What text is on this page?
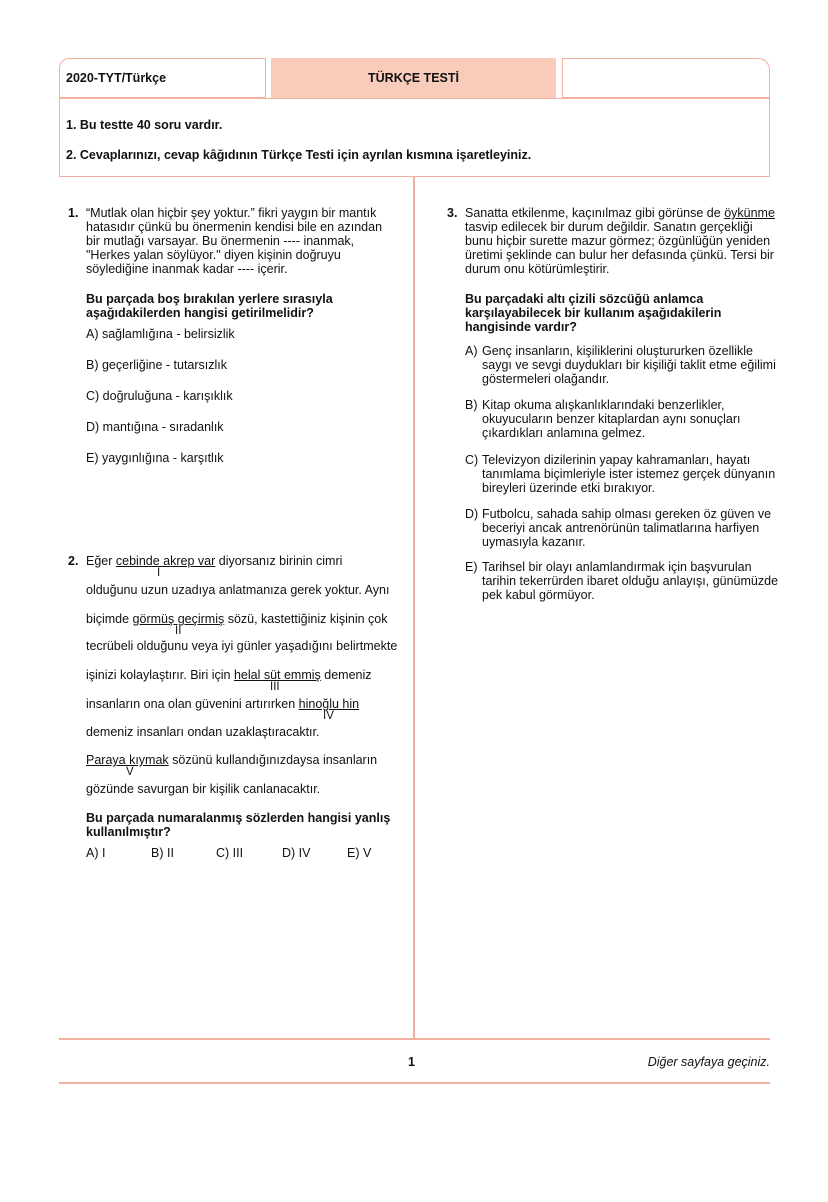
2020-TYT/Türkçe	TÜRKÇE TESTİ

1. Bu testte 40 soru vardır.

2. Cevaplarınızı, cevap kâğıdının Türkçe Testi için ayrılan kısmına işaretleyiniz.

1. “Mutlak olan hiçbir şey yoktur.” fikri yaygın bir mantık hatasıdır çünkü bu önermenin kendisi bile en azından bir mutlağı varsayar. Bu önermenin ---- inanmak, "Herkes yalan söylüyor." diyen kişinin doğruyu söylediğine inanmak kadar ---- içerir.

Bu parçada boş bırakılan yerlere sırasıyla aşağıdakilerden hangisi getirilmelidir?

A) sağlamlığına - belirsizlik

B) geçerliğine - tutarsızlık

C) doğruluğuna - karışıklık

D) mantığına - sıradanlık

E) yaygınlığına - karşıtlık

2. Eğer cebinde akrep var diyorsanız birinin cimri
I
olduğunu uzun uzadıya anlatmanıza gerek yoktur. Aynı
biçimde görmüş geçirmiş sözü, kastettiğiniz kişinin çok
II
tecrübeli olduğunu veya iyi günler yaşadığını belirtmekte
işinizi kolaylaştırır. Biri için helal süt emmiş demeniz
III
insanların ona olan güvenini artırırken hinoğlu hin
IV
demeniz insanları ondan uzaklaştıracaktır.
Paraya kıymak sözünü kullandığınızdaysa insanların
V
gözünde savurgan bir kişilik canlanacaktır.

Bu parçada numaralanmış sözlerden hangisi yanlış kullanılmıştır?

A) I	B) II	C) III	D) IV	E) V
3. Sanatta etkilenme, kaçınılmaz gibi görünse de öykünme tasvip edilecek bir durum değildir. Sanatın gerçekliği bunu hiçbir surette mazur görmez; özgünlüğün yeniden üretimi şeklinde can bulur her defasında çünkü. Tersi bir durum onu kötürümleştirir.

Bu parçadaki altı çizili sözcüğü anlamca karşılayabilecek bir kullanım aşağıdakilerin hangisinde vardır?

A) Genç insanların, kişiliklerini oluştururken özellikle saygı ve sevgi duydukları bir kişiliği taklit etme eğilimi göstermeleri olağandır.

B) Kitap okuma alışkanlıklarındaki benzerlikler, okuyucuların benzer kitaplardan aynı sonuçları çıkardıkları anlamına gelmez.

C) Televizyon dizilerinin yapay kahramanları, hayatı tanımlama biçimleriyle ister istemez gerçek dünyanın bireyleri üzerinde etki bırakıyor.

D) Futbolcu, sahada sahip olması gereken öz güven ve beceriyi ancak antrenörünün talimatlarına harfiyen uymasıyla kazanır.

E) Tarihsel bir olayı anlamlandırmak için başvurulan tarihin tekerrürden ibaret olduğu anlayışı, günümüzde pek kabul görmüyor.

1	Diğer sayfaya geçiniz.
